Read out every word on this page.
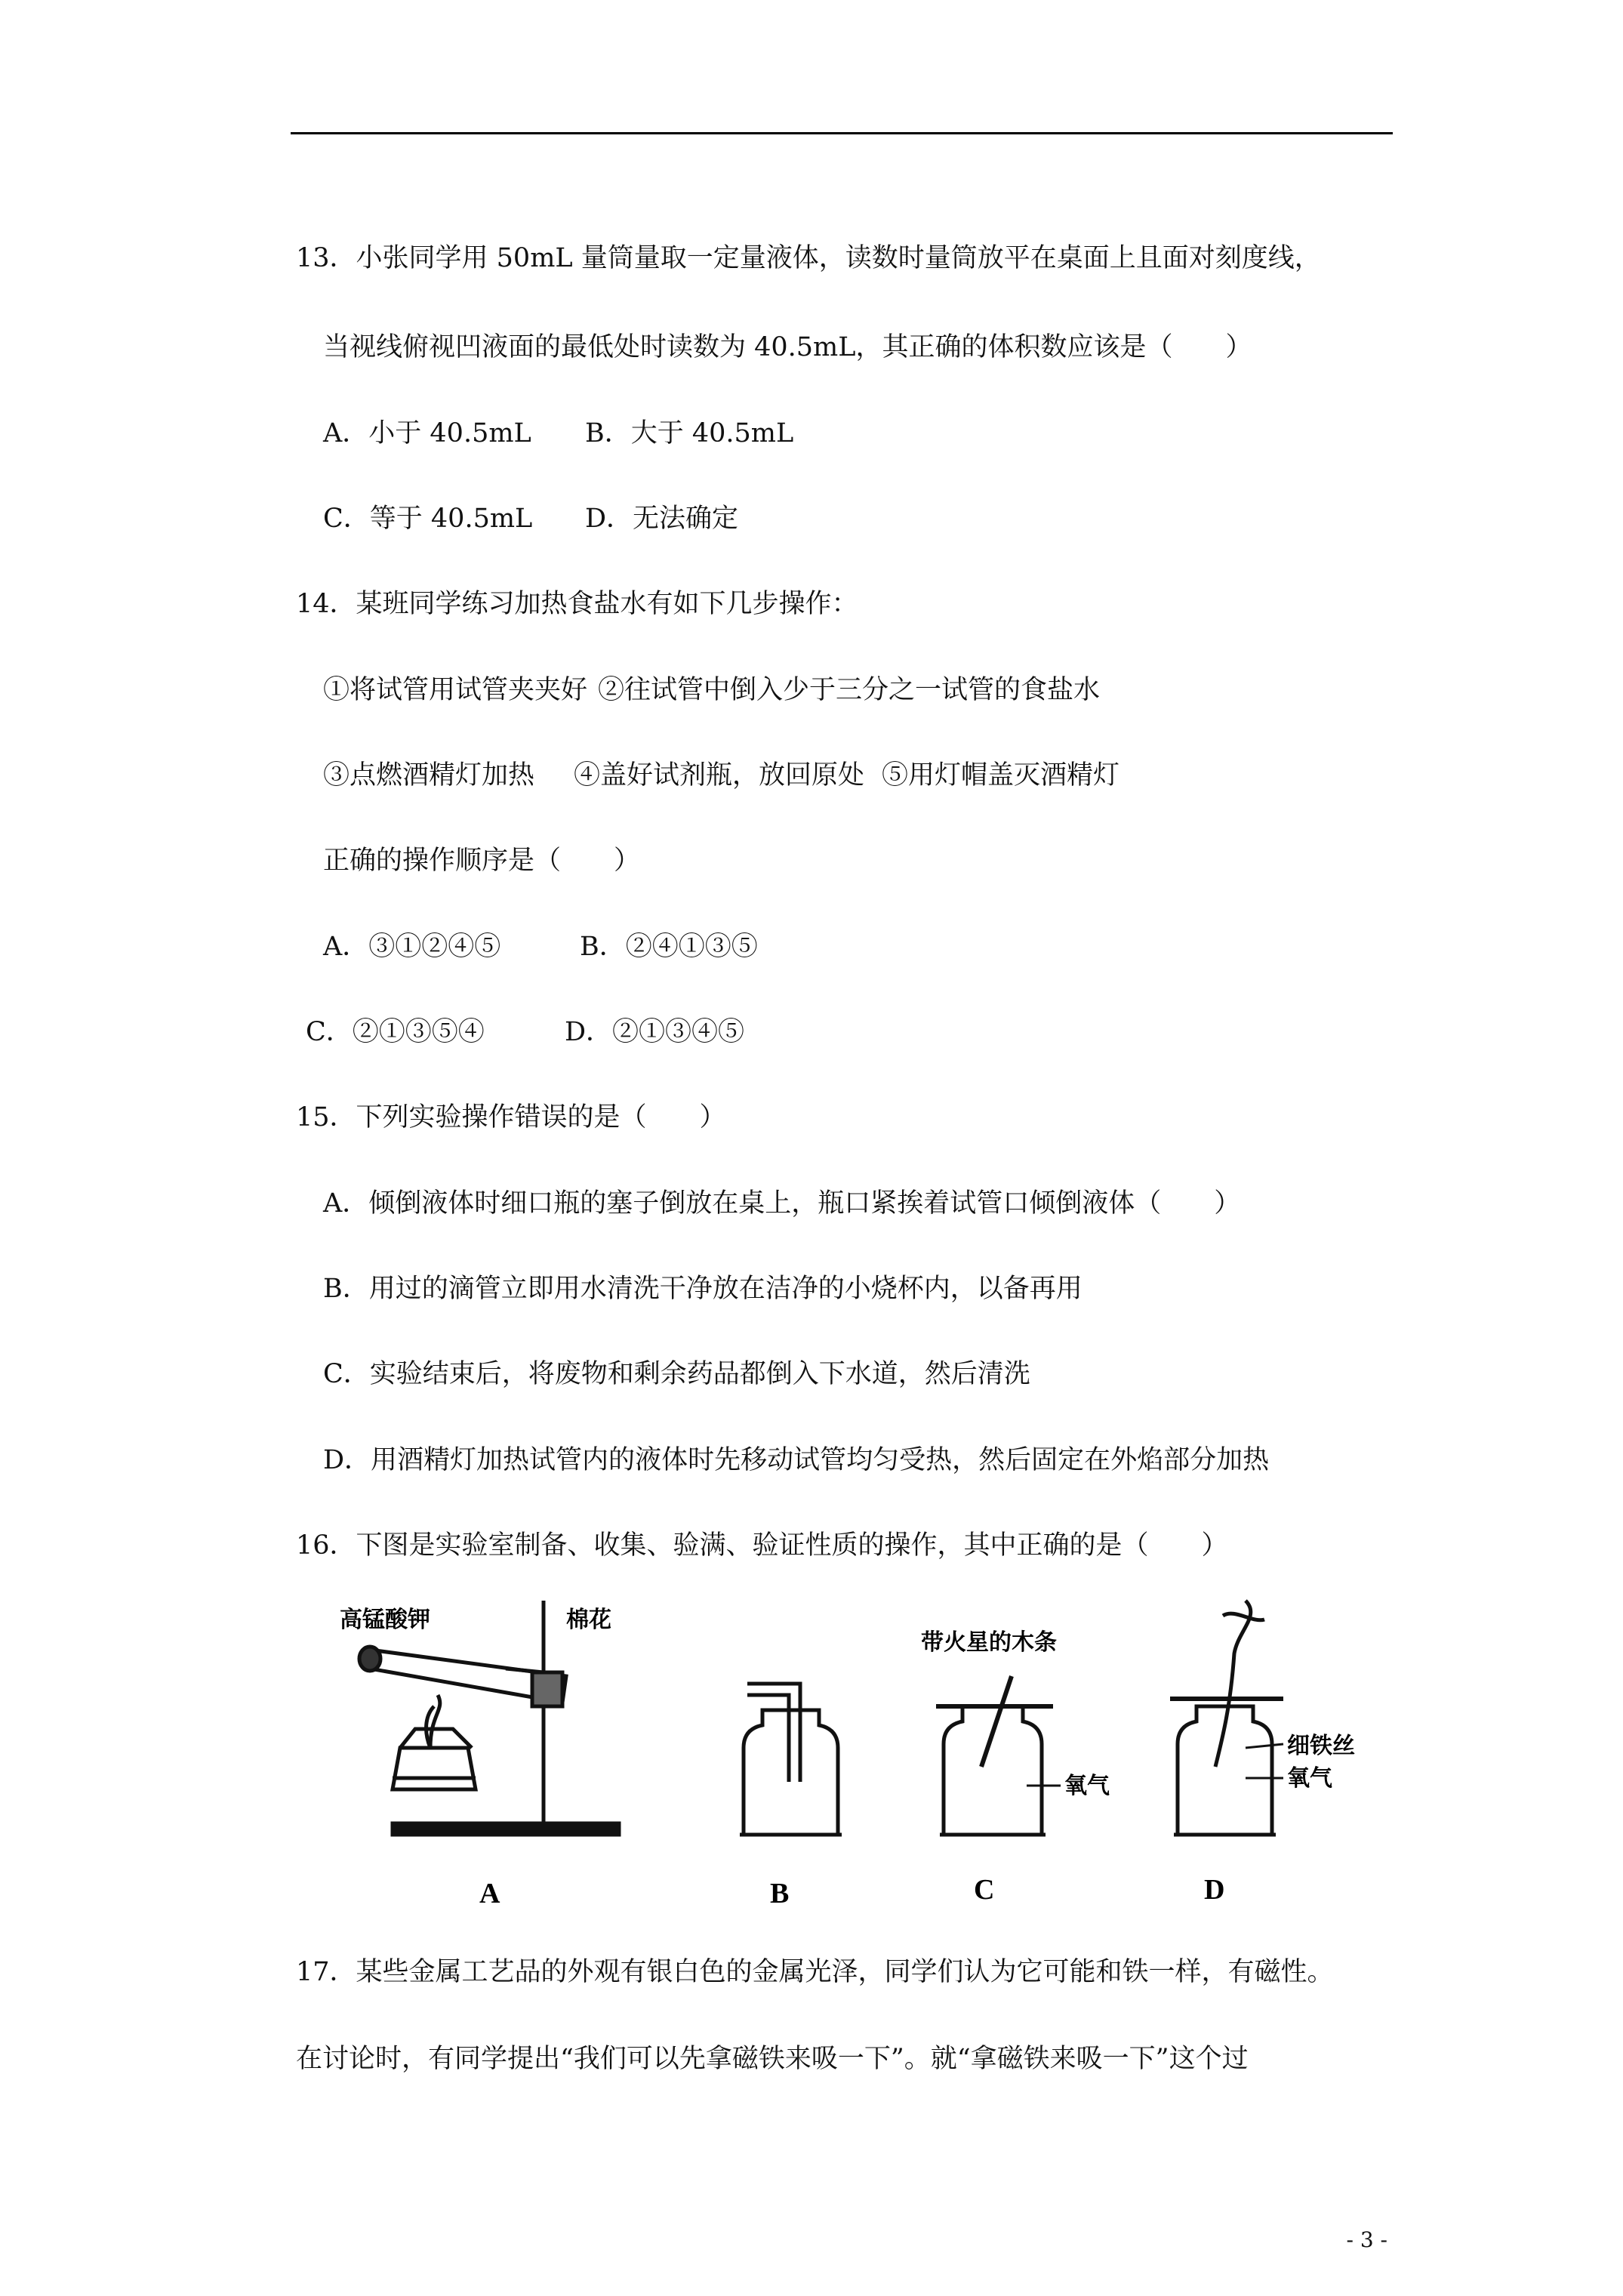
13．小张同学用 50mL 量筒量取一定量液体，读数时量筒放平在桌面上且面对刻度线，
当视线俯视凹液面的最低处时读数为 40.5mL，其正确的体积数应该是（　　）
A．小于 40.5mL B．大于 40.5mL
C．等于 40.5mL D．无法确定
14．某班同学练习加热食盐水有如下几步操作：
①将试管用试管夹夹好 ②往试管中倒入少于三分之一试管的食盐水
③点燃酒精灯加热 ④盖好试剂瓶，放回原处 ⑤用灯帽盖灭酒精灯
正确的操作顺序是（　　）
A．③①②④⑤	B．②④①③⑤
C．②①③⑤④	D．②①③④⑤
15．下列实验操作错误的是（　　）
A．倾倒液体时细口瓶的塞子倒放在桌上，瓶口紧挨着试管口倾倒液体（　　）
B．用过的滴管立即用水清洗干净放在洁净的小烧杯内，以备再用
C．实验结束后，将废物和剩余药品都倒入下水道，然后清洗
D．用酒精灯加热试管内的液体时先移动试管均匀受热，然后固定在外焰部分加热
16．下图是实验室制备、收集、验满、验证性质的操作，其中正确的是（　　）
高锰酸钾	棉花
A	B
带火星的木条
氧气
C
细铁丝
氧气
D
17．某些金属工艺品的外观有银白色的金属光泽，同学们认为它可能和铁一样，有磁性。
在讨论时，有同学提出“我们可以先拿磁铁来吸一下”。就“拿磁铁来吸一下”这个过
- 3 -
